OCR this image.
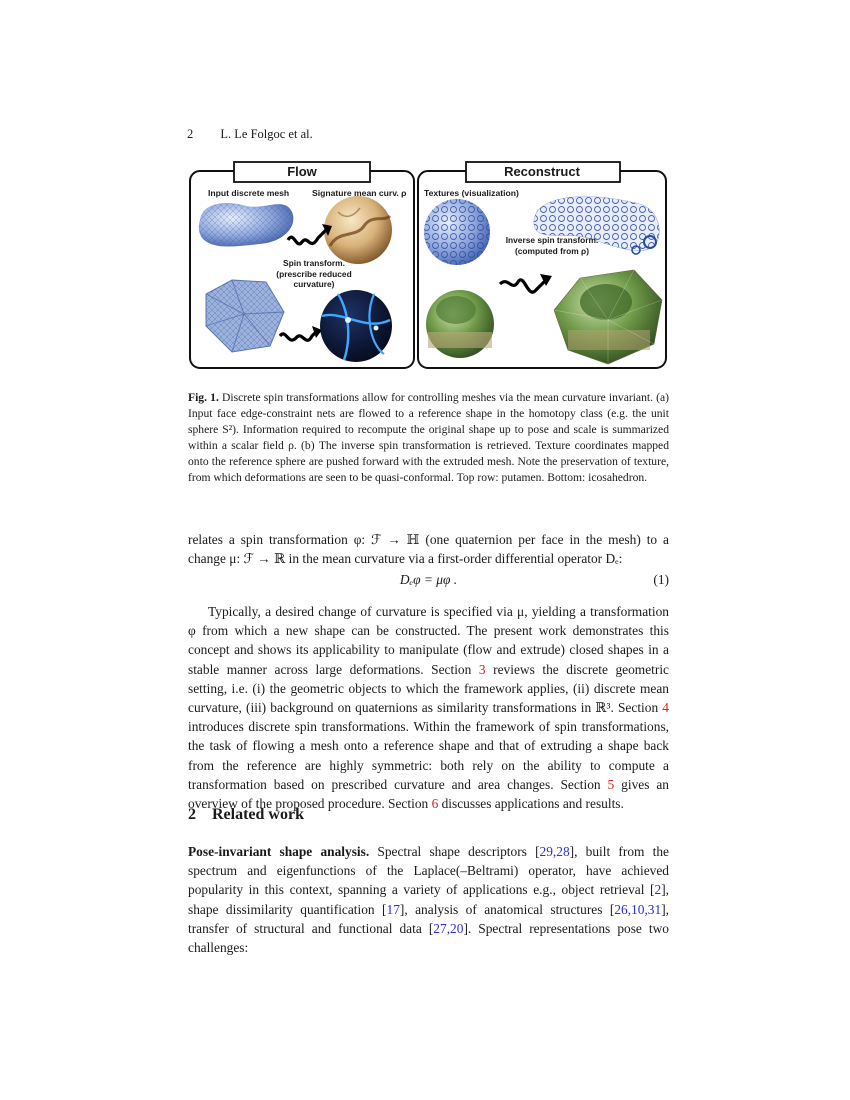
2 L. Le Folgoc et al.
Flow	Reconstruct
Input discrete mesh	Signature mean curv. ρ
Spin transform.
(prescribe reduced
curvature)
Textures (visualization)
Inverse spin transform.
(computed from ρ)
Fig. 1. Discrete spin transformations allow for controlling meshes via the mean curvature invariant. (a) Input face edge-constraint nets are flowed to a reference shape in the homotopy class (e.g. the unit sphere S²). Information required to recompute the original shape up to pose and scale is summarized within a scalar field ρ. (b) The inverse spin transformation is retrieved. Texture coordinates mapped onto the reference sphere are pushed forward with the extruded mesh. Note the preservation of texture, from which deformations are seen to be quasi-conformal. Top row: putamen. Bottom: icosahedron.
relates a spin transformation φ: ℱ → ℍ (one quaternion per face in the mesh) to a change μ: ℱ → ℝ in the mean curvature via a first-order differential operator Dₑ:
Dₑφ = μφ .	(1)
Typically, a desired change of curvature is specified via μ, yielding a transformation φ from which a new shape can be constructed. The present work demonstrates this concept and shows its applicability to manipulate (flow and extrude) closed shapes in a stable manner across large deformations. Section 3 reviews the discrete geometric setting, i.e. (i) the geometric objects to which the framework applies, (ii) discrete mean curvature, (iii) background on quaternions as similarity transformations in ℝ³. Section 4 introduces discrete spin transformations. Within the framework of spin transformations, the task of flowing a mesh onto a reference shape and that of extruding a shape back from the reference are highly symmetric: both rely on the ability to compute a transformation based on prescribed curvature and area changes. Section 5 gives an overview of the proposed procedure. Section 6 discusses applications and results.
2 Related work
Pose-invariant shape analysis. Spectral shape descriptors [29,28], built from the spectrum and eigenfunctions of the Laplace(–Beltrami) operator, have achieved popularity in this context, spanning a variety of applications e.g., object retrieval [2], shape dissimilarity quantification [17], analysis of anatomical structures [26,10,31], transfer of structural and functional data [27,20]. Spectral representations pose two challenges:
